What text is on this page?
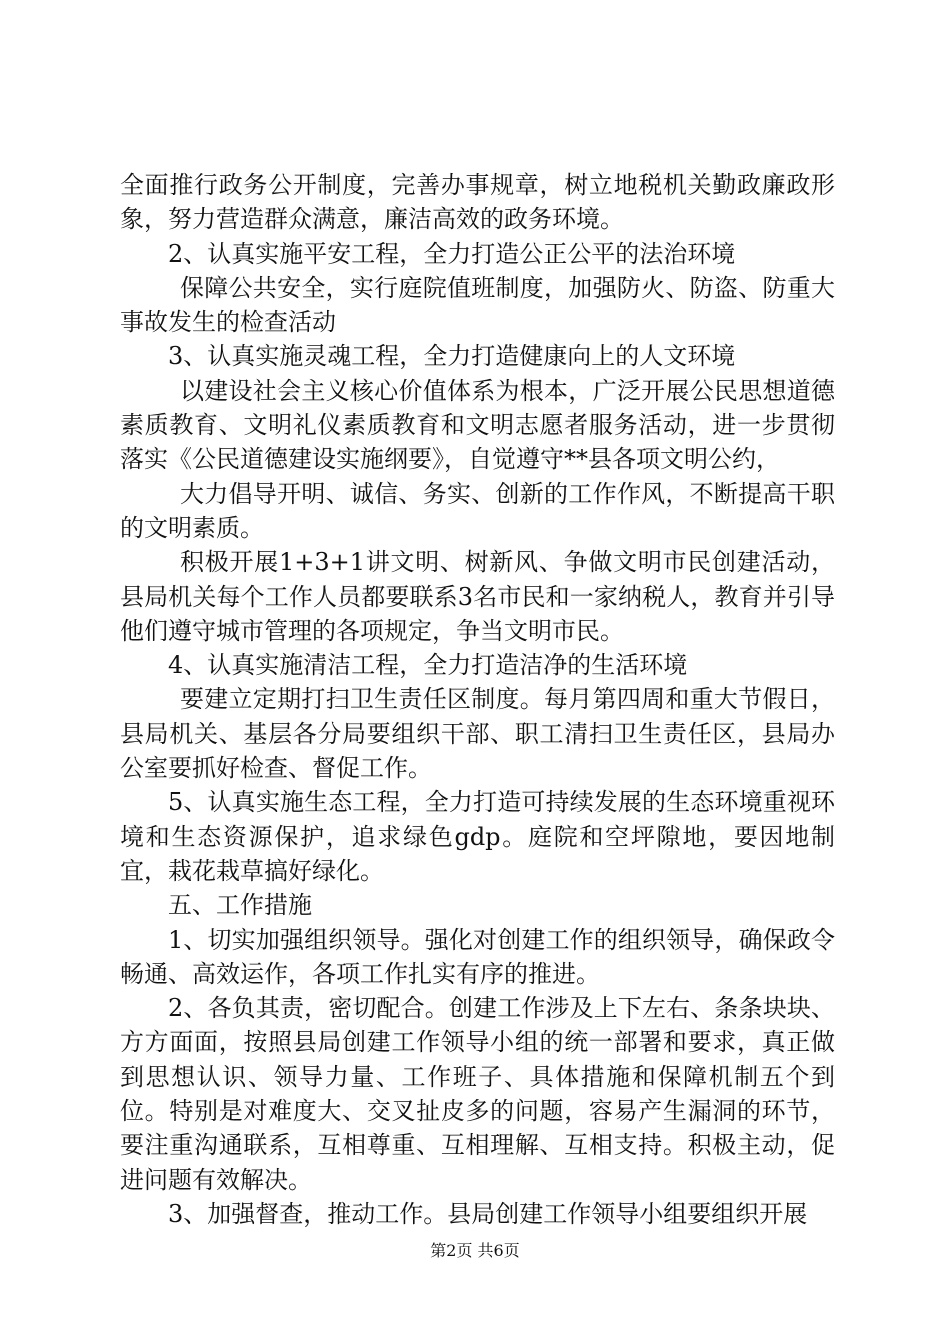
全面推行政务公开制度，完善办事规章，树立地税机关勤政廉政形象，努力营造群众满意，廉洁高效的政务环境。

2、认真实施平安工程，全力打造公正公平的法治环境

保障公共安全，实行庭院值班制度，加强防火、防盗、防重大事故发生的检查活动

3、认真实施灵魂工程，全力打造健康向上的人文环境

以建设社会主义核心价值体系为根本，广泛开展公民思想道德素质教育、文明礼仪素质教育和文明志愿者服务活动，进一步贯彻落实《公民道德建设实施纲要》，自觉遵守**县各项文明公约，

大力倡导开明、诚信、务实、创新的工作作风，不断提高干职的文明素质。

积极开展1+3+1讲文明、树新风、争做文明市民创建活动，县局机关每个工作人员都要联系3名市民和一家纳税人，教育并引导他们遵守城市管理的各项规定，争当文明市民。

4、认真实施清洁工程，全力打造洁净的生活环境

要建立定期打扫卫生责任区制度。每月第四周和重大节假日，县局机关、基层各分局要组织干部、职工清扫卫生责任区，县局办公室要抓好检查、督促工作。

5、认真实施生态工程，全力打造可持续发展的生态环境重视环境和生态资源保护，追求绿色gdp。庭院和空坪隙地，要因地制宜，栽花栽草搞好绿化。

五、工作措施

1、切实加强组织领导。强化对创建工作的组织领导，确保政令畅通、高效运作，各项工作扎实有序的推进。

2、各负其责，密切配合。创建工作涉及上下左右、条条块块、方方面面，按照县局创建工作领导小组的统一部署和要求，真正做到思想认识、领导力量、工作班子、具体措施和保障机制五个到位。特别是对难度大、交叉扯皮多的问题，容易产生漏洞的环节，要注重沟通联系，互相尊重、互相理解、互相支持。积极主动，促进问题有效解决。

3、加强督查，推动工作。县局创建工作领导小组要组织开展

第2页 共6页
